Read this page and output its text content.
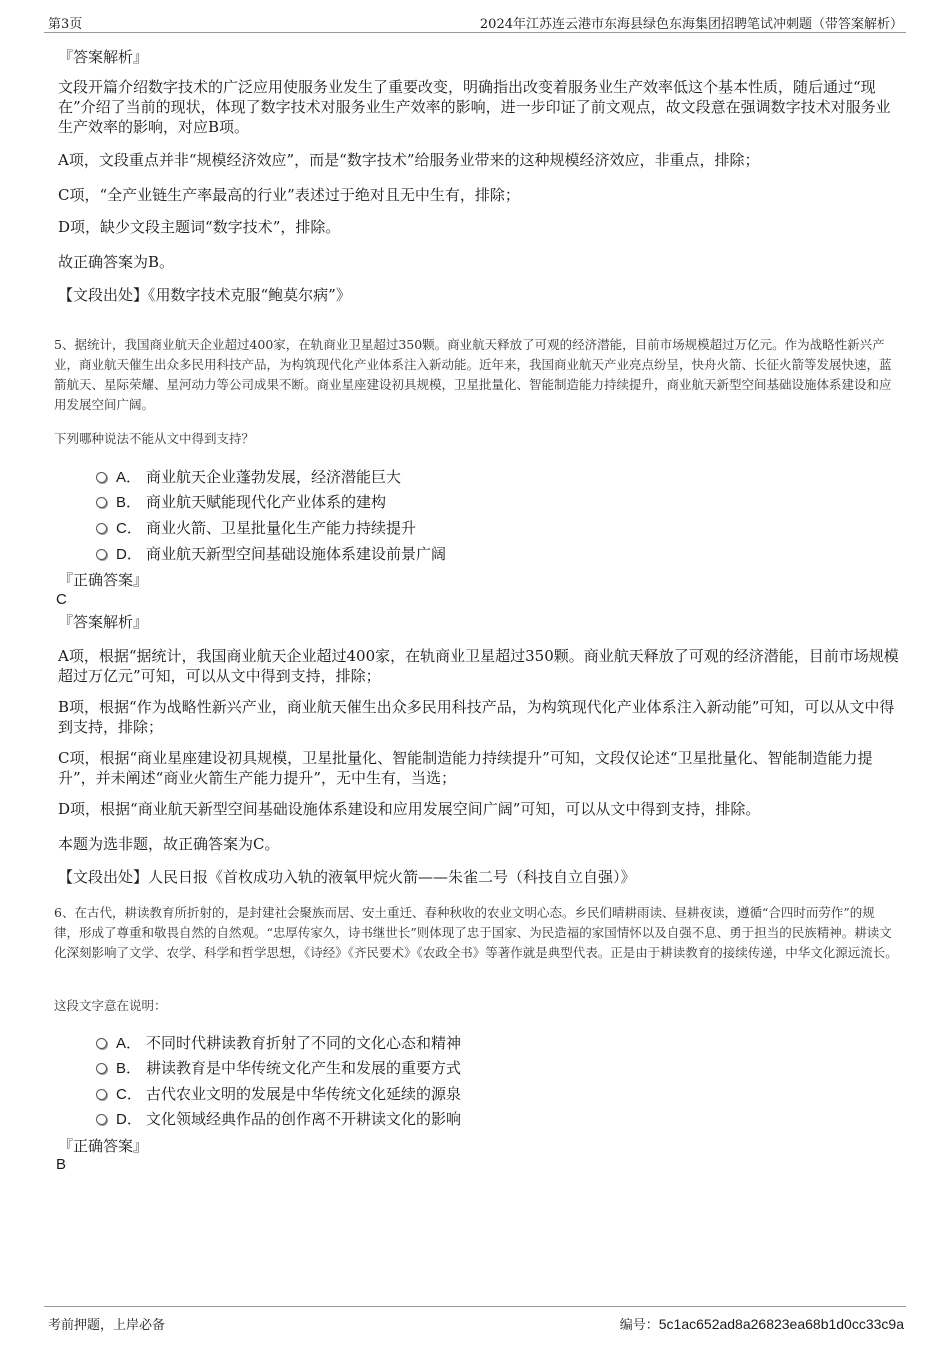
第3页	2024年江苏连云港市东海县绿色东海集团招聘笔试冲刺题（带答案解析）
『答案解析』
文段开篇介绍数字技术的广泛应用使服务业发生了重要改变，明确指出改变着服务业生产效率低这个基本性质，随后通过“现在”介绍了当前的现状，体现了数字技术对服务业生产效率的影响，进一步印证了前文观点，故文段意在强调数字技术对服务业生产效率的影响，对应B项。
A项，文段重点并非“规模经济效应”，而是“数字技术”给服务业带来的这种规模经济效应，非重点，排除；
C项，“全产业链生产率最高的行业”表述过于绝对且无中生有，排除；
D项，缺少文段主题词“数字技术”，排除。
故正确答案为B。
【文段出处】《用数字技术克服“鲍莫尔病”》
5、据统计，我国商业航天企业超过400家，在轨商业卫星超过350颗。商业航天释放了可观的经济潜能，目前市场规模超过万亿元。作为战略性新兴产业，商业航天催生出众多民用科技产品，为构筑现代化产业体系注入新动能。近年来，我国商业航天产业亮点纷呈，快舟火箭、长征火箭等发展快速，蓝箭航天、星际荣耀、星河动力等公司成果不断。商业星座建设初具规模，卫星批量化、智能制造能力持续提升，商业航天新型空间基础设施体系建设和应用发展空间广阔。
下列哪种说法不能从文中得到支持？
A． 商业航天企业蓬勃发展，经济潜能巨大
B． 商业航天赋能现代化产业体系的建构
C． 商业火箭、卫星批量化生产能力持续提升
D． 商业航天新型空间基础设施体系建设前景广阔
『正确答案』
C
『答案解析』
A项，根据“据统计，我国商业航天企业超过400家，在轨商业卫星超过350颗。商业航天释放了可观的经济潜能，目前市场规模超过万亿元”可知，可以从文中得到支持，排除；
B项，根据“作为战略性新兴产业，商业航天催生出众多民用科技产品，为构筑现代化产业体系注入新动能”可知，可以从文中得到支持，排除；
C项，根据“商业星座建设初具规模，卫星批量化、智能制造能力持续提升”可知，文段仅论述“卫星批量化、智能制造能力提升”，并未阐述“商业火箭生产能力提升”，无中生有，当选；
D项，根据“商业航天新型空间基础设施体系建设和应用发展空间广阔”可知，可以从文中得到支持，排除。
本题为选非题，故正确答案为C。
【文段出处】人民日报《首枚成功入轨的液氧甲烷火箭——朱雀二号（科技自立自强）》
6、在古代，耕读教育所折射的，是封建社会聚族而居、安土重迁、春种秋收的农业文明心态。乡民们晴耕雨读、昼耕夜读，遵循“合四时而劳作”的规律，形成了尊重和敬畏自然的自然观。“忠厚传家久，诗书继世长”则体现了忠于国家、为民造福的家国情怀以及自强不息、勇于担当的民族精神。耕读文化深刻影响了文学、农学、科学和哲学思想，《诗经》《齐民要术》《农政全书》等著作就是典型代表。正是由于耕读教育的接续传递，中华文化源远流长。
这段文字意在说明：
A． 不同时代耕读教育折射了不同的文化心态和精神
B． 耕读教育是中华传统文化产生和发展的重要方式
C． 古代农业文明的发展是中华传统文化延续的源泉
D． 文化领域经典作品的创作离不开耕读文化的影响
『正确答案』
B
考前押题，上岸必备	编号：5c1ac652ad8a26823ea68b1d0cc33c9a
